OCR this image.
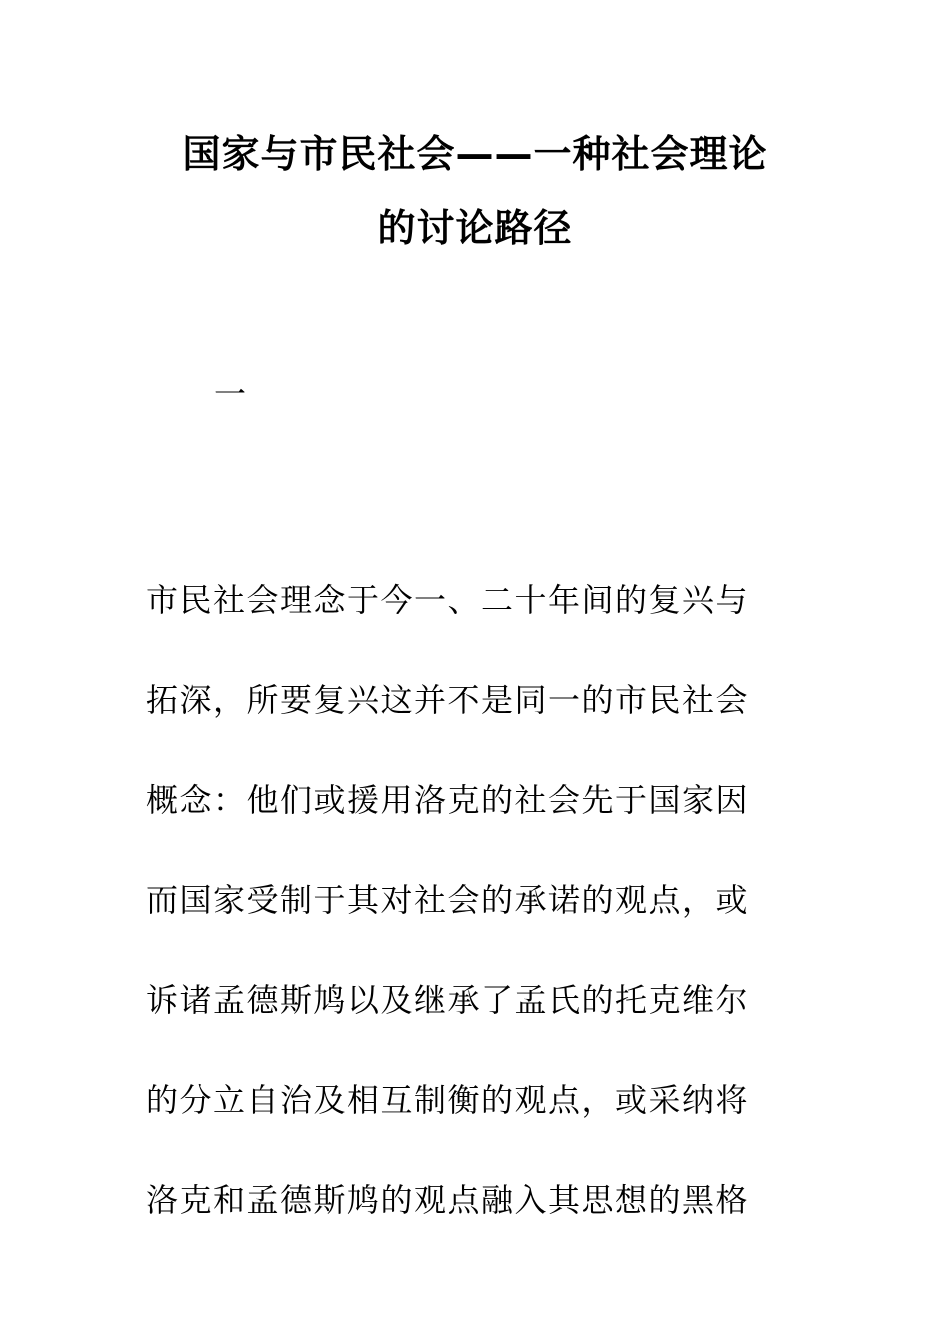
国家与市民社会——一种社会理论
的讨论路径
一
市民社会理念于今一、二十年间的复兴与
拓深，所要复兴这并不是同一的市民社会
概念：他们或援用洛克的社会先于国家因
而国家受制于其对社会的承诺的观点，或
诉诸孟德斯鸠以及继承了孟氏的托克维尔
的分立自治及相互制衡的观点，或采纳将
洛克和孟德斯鸠的观点融入其思想的黑格
